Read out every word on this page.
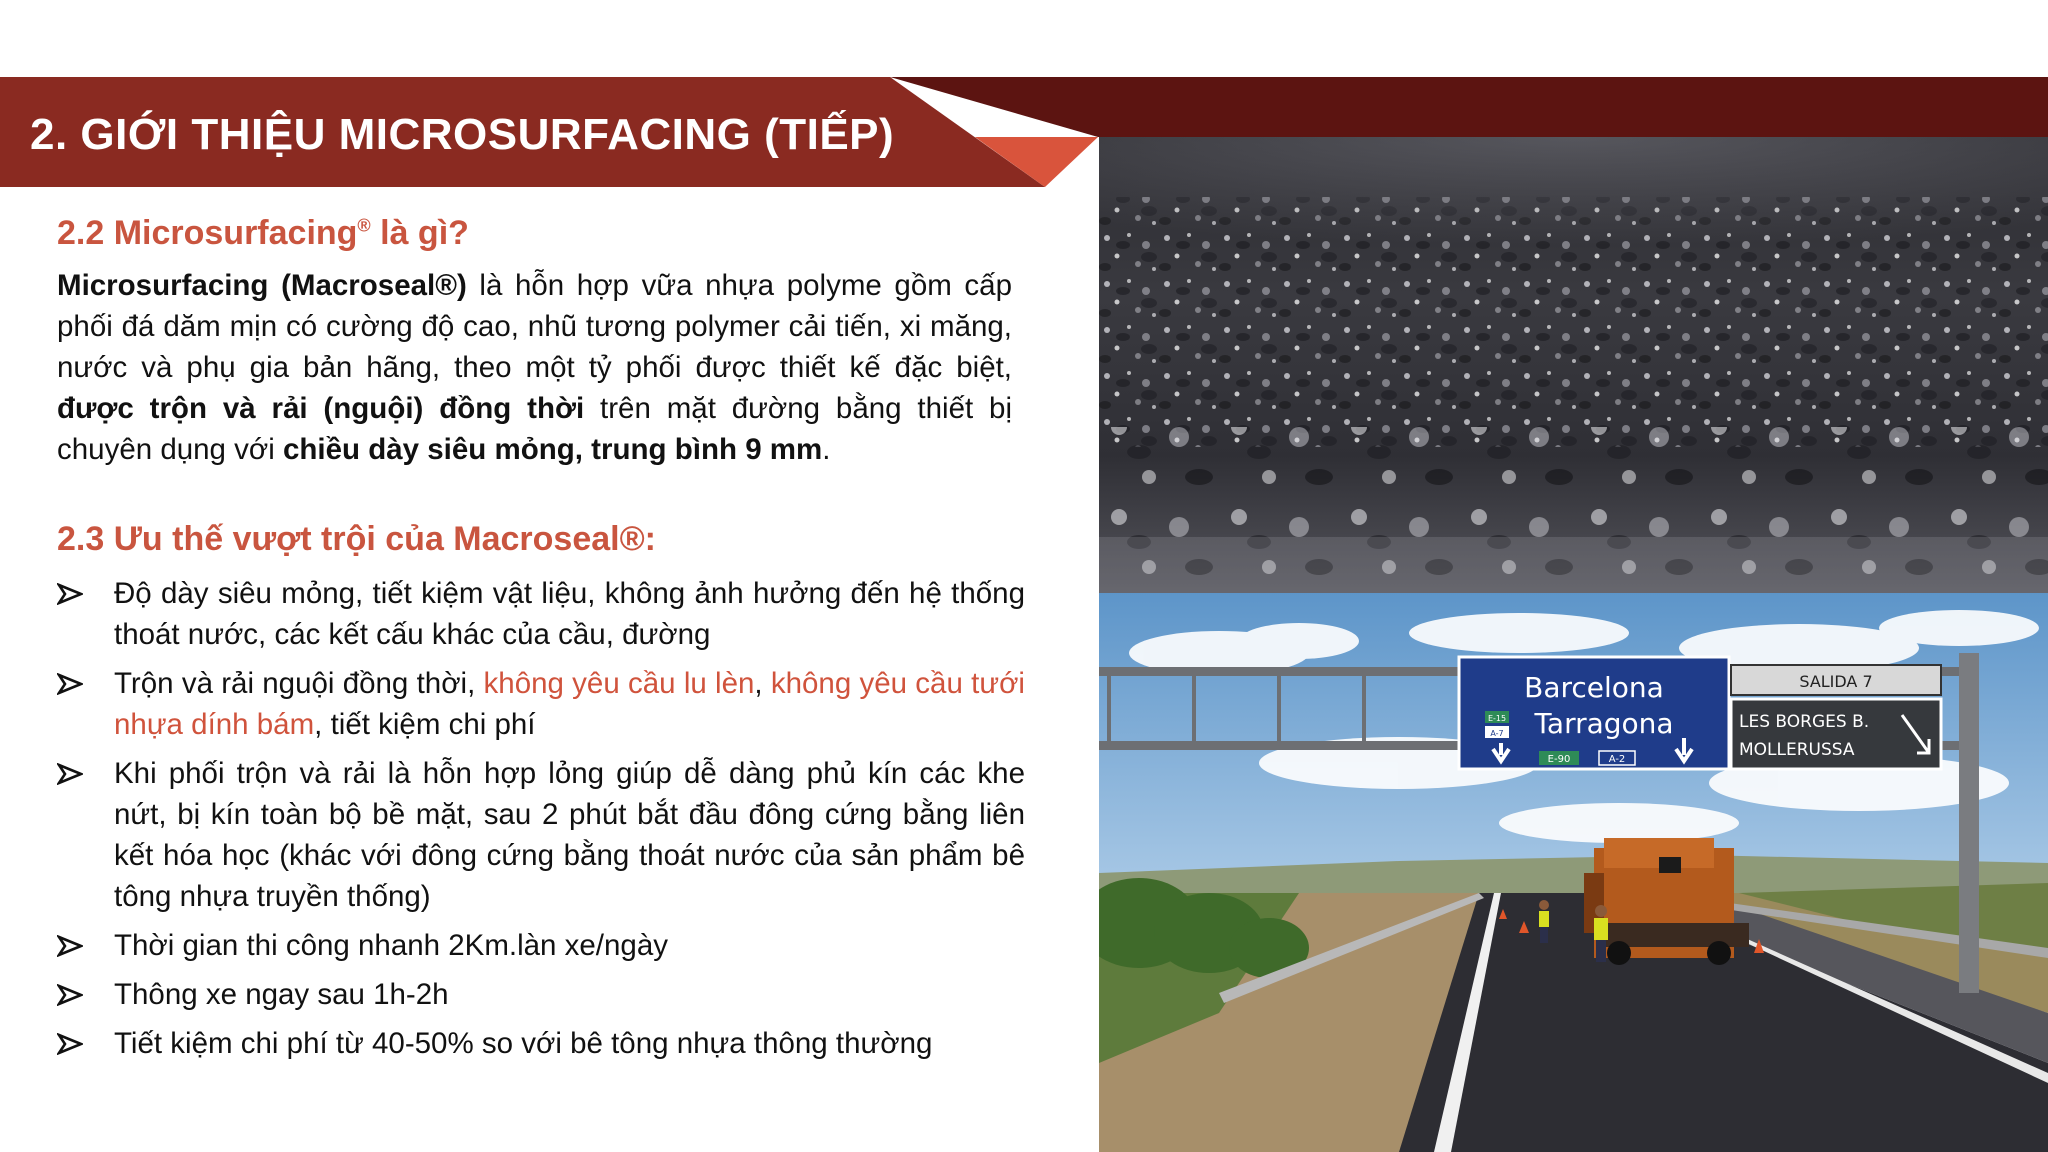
2. GIỚI THIỆU MICROSURFACING (TIẾP)
2.2 Microsurfacing® là gì?
Microsurfacing (Macroseal®) là hỗn hợp vữa nhựa polyme gồm cấp phối đá dăm mịn có cường độ cao, nhũ tương polymer cải tiến, xi măng, nước và phụ gia bản hãng, theo một tỷ phối được thiết kế đặc biệt, được trộn và rải (nguội) đồng thời trên mặt đường bằng thiết bị chuyên dụng với chiều dày siêu mỏng, trung bình 9 mm.
2.3 Ưu thế vượt trội của Macroseal®:
Độ dày siêu mỏng, tiết kiệm vật liệu, không ảnh hưởng đến hệ thống thoát nước, các kết cấu khác của cầu, đường
Trộn và rải nguội đồng thời, không yêu cầu lu lèn, không yêu cầu tưới nhựa dính bám, tiết kiệm chi phí
Khi phối trộn và rải là hỗn hợp lỏng giúp dễ dàng phủ kín các khe nứt, bị kín toàn bộ bề mặt, sau 2 phút bắt đầu đông cứng bằng liên kết hóa học (khác với đông cứng bằng thoát nước của sản phẩm bê tông nhựa truyền thống)
Thời gian thi công nhanh 2Km.làn xe/ngày
Thông xe ngay sau 1h-2h
Tiết kiệm chi phí từ 40-50% so với bê tông nhựa thông thường
Barcelona
Tarragona
E-15
A-7
E-90	A-2
SALIDA 7
LES BORGES B.
MOLLERUSSA
